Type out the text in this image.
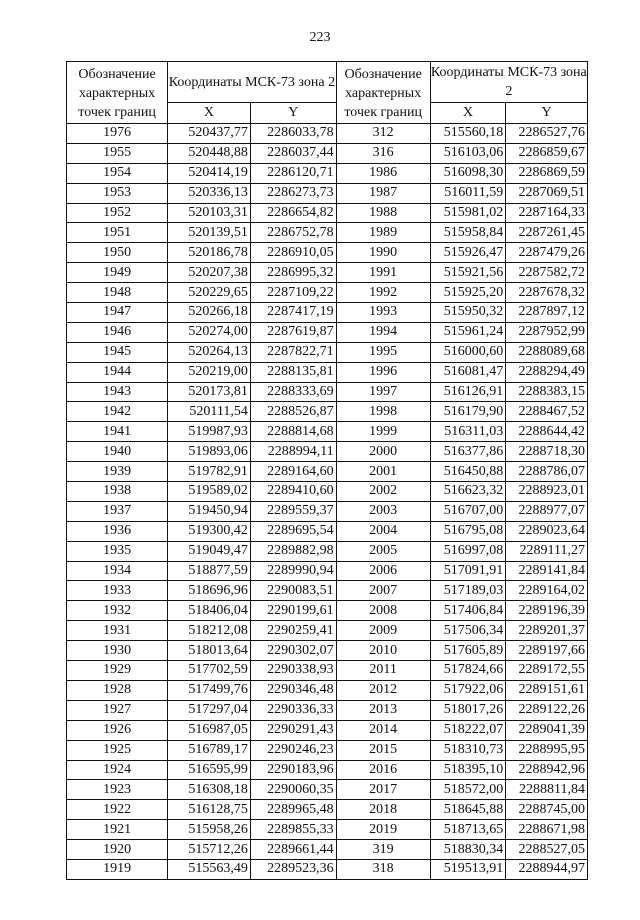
223
Обозначение характерных точек границ	Координаты МСК-73 зона 2		Обозначение характерных точек границ	Координаты МСК-73 зона 2	
	X	Y		X	Y
1976	520437,77	2286033,78	312	515560,18	2286527,76
1955	520448,88	2286037,44	316	516103,06	2286859,67
1954	520414,19	2286120,71	1986	516098,30	2286869,59
1953	520336,13	2286273,73	1987	516011,59	2287069,51
1952	520103,31	2286654,82	1988	515981,02	2287164,33
1951	520139,51	2286752,78	1989	515958,84	2287261,45
1950	520186,78	2286910,05	1990	515926,47	2287479,26
1949	520207,38	2286995,32	1991	515921,56	2287582,72
1948	520229,65	2287109,22	1992	515925,20	2287678,32
1947	520266,18	2287417,19	1993	515950,32	2287897,12
1946	520274,00	2287619,87	1994	515961,24	2287952,99
1945	520264,13	2287822,71	1995	516000,60	2288089,68
1944	520219,00	2288135,81	1996	516081,47	2288294,49
1943	520173,81	2288333,69	1997	516126,91	2288383,15
1942	520111,54	2288526,87	1998	516179,90	2288467,52
1941	519987,93	2288814,68	1999	516311,03	2288644,42
1940	519893,06	2288994,11	2000	516377,86	2288718,30
1939	519782,91	2289164,60	2001	516450,88	2288786,07
1938	519589,02	2289410,60	2002	516623,32	2288923,01
1937	519450,94	2289559,37	2003	516707,00	2288977,07
1936	519300,42	2289695,54	2004	516795,08	2289023,64
1935	519049,47	2289882,98	2005	516997,08	2289111,27
1934	518877,59	2289990,94	2006	517091,91	2289141,84
1933	518696,96	2290083,51	2007	517189,03	2289164,02
1932	518406,04	2290199,61	2008	517406,84	2289196,39
1931	518212,08	2290259,41	2009	517506,34	2289201,37
1930	518013,64	2290302,07	2010	517605,89	2289197,66
1929	517702,59	2290338,93	2011	517824,66	2289172,55
1928	517499,76	2290346,48	2012	517922,06	2289151,61
1927	517297,04	2290336,33	2013	518017,26	2289122,26
1926	516987,05	2290291,43	2014	518222,07	2289041,39
1925	516789,17	2290246,23	2015	518310,73	2288995,95
1924	516595,99	2290183,96	2016	518395,10	2288942,96
1923	516308,18	2290060,35	2017	518572,00	2288811,84
1922	516128,75	2289965,48	2018	518645,88	2288745,00
1921	515958,26	2289855,33	2019	518713,65	2288671,98
1920	515712,26	2289661,44	319	518830,34	2288527,05
1919	515563,49	2289523,36	318	519513,91	2288944,97
